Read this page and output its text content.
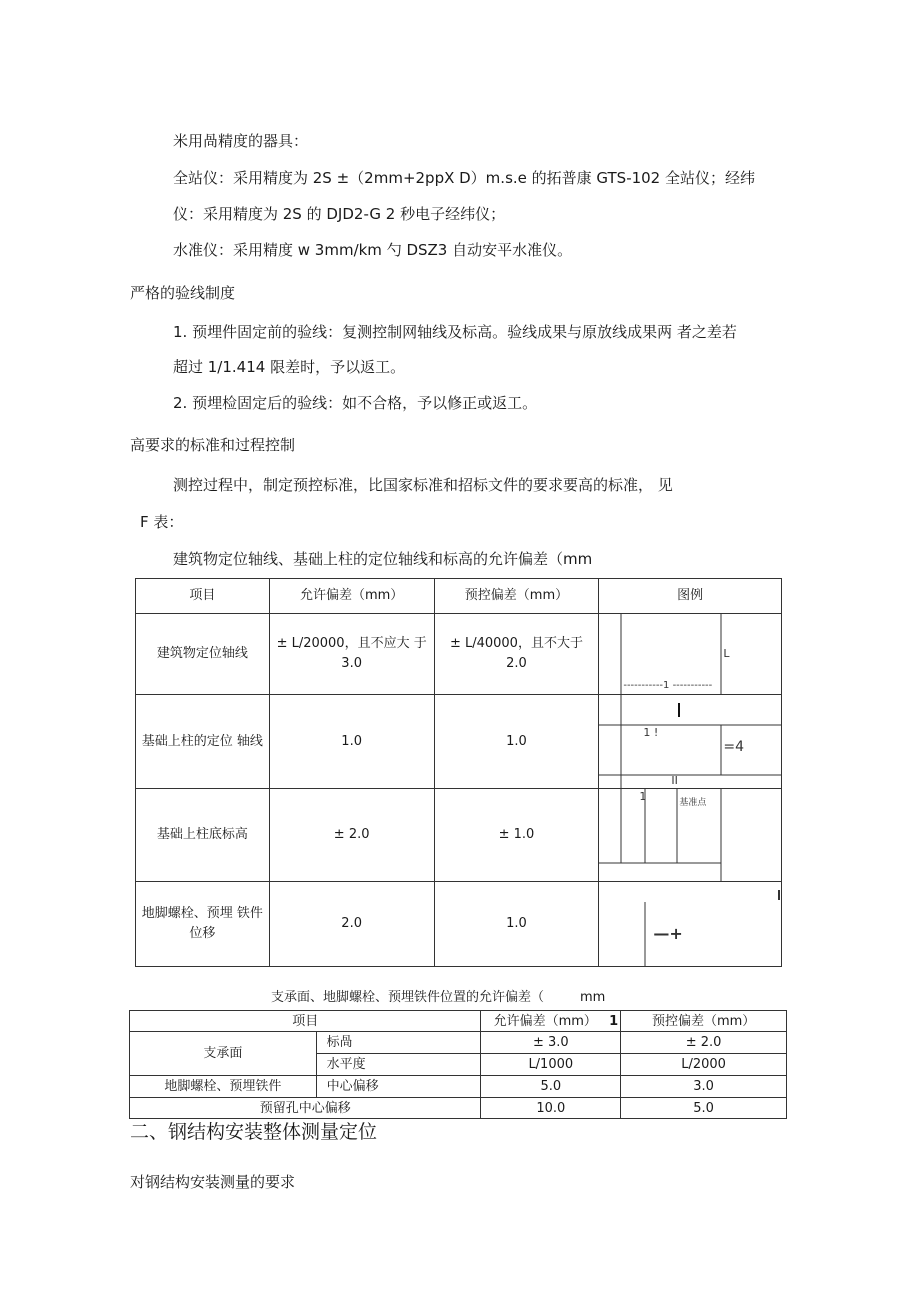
米用咼精度的器具：
全站仪：采用精度为 2S ±（2mm+2ppX D）m.s.e 的拓普康 GTS-102 全站仪；经纬
仪：采用精度为 2S 的 DJD2-G 2 秒电子经纬仪；
水准仪：采用精度 w 3mm/km 勺 DSZ3 自动安平水准仪。
严格的验线制度
1. 预埋件固定前的验线：复测控制网轴线及标高。验线成果与原放线成果两 者之差若
超过 1/1.414 限差时，予以返工。
2. 预埋检固定后的验线：如不合格，予以修正或返工。
高要求的标准和过程控制
测控过程中，制定预控标准，比国家标准和招标文件的要求要高的标准， 见
F 表：
建筑物定位轴线、基础上柱的定位轴线和标高的允许偏差（mm
项目	允许偏差（mm）	预控偏差（mm）	图例
建筑物定位轴线	± L/20000，且不应大 于 3.0	± L/40000，且不大于 2.0	L
-----------1 -----------

基础上柱的定位 轴线	1.0	1.0	1 !
=4
II

基础上柱底标高	± 2.0	± 1.0	1 基准点

地脚螺栓、预埋 铁件位移	2.0	1.0	—+
支承面、地脚螺栓、预埋铁件位置的允许偏差（	mm
项目		允许偏差（mm） 1	预控偏差（mm）
支承面	标咼	± 3.0	± 2.0
	水平度	L/1000	L/2000
地脚螺栓、预埋铁件	中心偏移	5.0	3.0
预留孔中心偏移		10.0	5.0
二、钢结构安装整体测量定位
对钢结构安装测量的要求
